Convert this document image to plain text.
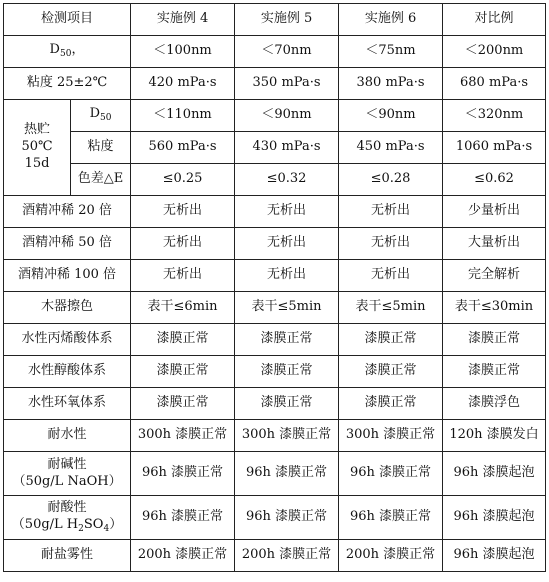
检测项目		实施例 4	实施例 5	实施例 6	对比例
$D_{50}$，		＜100nm	＜70nm	＜75nm	＜200nm
粘度 25±2℃		420 mPa·s	350 mPa·s	380 mPa·s	680 mPa·s

热贮
50℃
15d	$D_{50}$	＜110nm	＜90nm	＜90nm	＜320nm
	粘度	560 mPa·s	430 mPa·s	450 mPa·s	1060 mPa·s
	色差△E	≤0.25	≤0.32	≤0.28	≤0.62
酒精冲稀 20 倍		无析出	无析出	无析出	少量析出
酒精冲稀 50 倍		无析出	无析出	无析出	大量析出
酒精冲稀 100 倍		无析出	无析出	无析出	完全解析
木器擦色		表干≤6min	表干≤5min	表干≤5min	表干≤30min
水性丙烯酸体系		漆膜正常	漆膜正常	漆膜正常	漆膜正常
水性醇酸体系		漆膜正常	漆膜正常	漆膜正常	漆膜正常
水性环氧体系		漆膜正常	漆膜正常	漆膜正常	漆膜浮色
耐水性		300h 漆膜正常	300h 漆膜正常	300h 漆膜正常	120h 漆膜发白

耐碱性
（50g/L NaOH）		96h 漆膜正常	96h 漆膜正常	96h 漆膜正常	96h 漆膜起泡

耐酸性
（50g/L $H_2SO_4$）		96h 漆膜正常	96h 漆膜正常	96h 漆膜正常	96h 漆膜起泡
耐盐雾性		200h 漆膜正常	200h 漆膜正常	200h 漆膜正常	96h 漆膜起泡
